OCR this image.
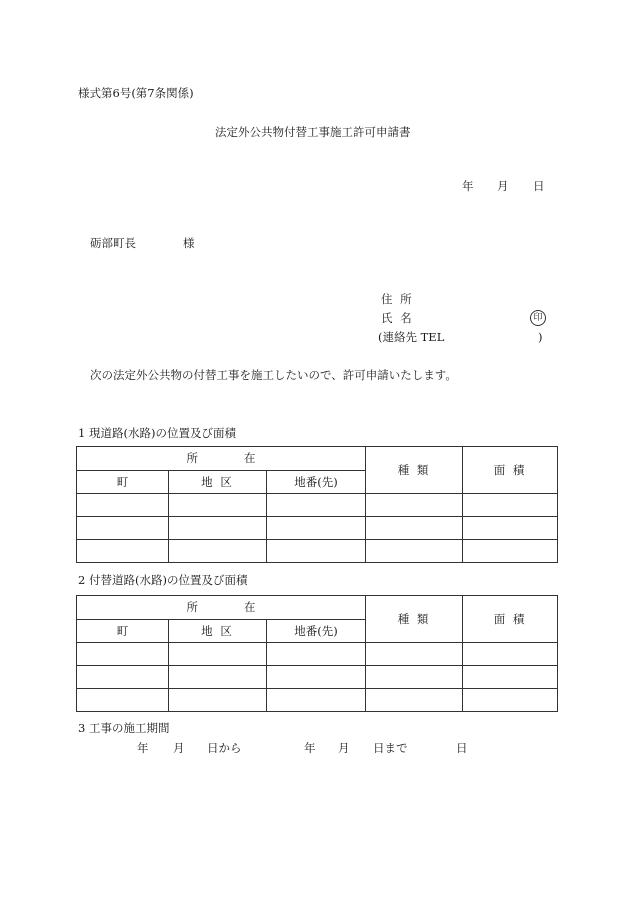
様式第6号(第7条関係)
法定外公共物付替工事施工許可申請書
年 月 日
砺部町長	様
住 所
氏 名	印
(連絡先 TEL	)
次の法定外公共物の付替工事を施工したいので、許可申請いたします。
1 現道路(水路)の位置及び面積
所　　　　在			種 類	面 積
町	地 区	地番(先)		

2 付替道路(水路)の位置及び面積
所　　　　在			種 類	面 積
町	地 区	地番(先)		

3 工事の施工期間
年 月 日から	年 月 日まで	日
